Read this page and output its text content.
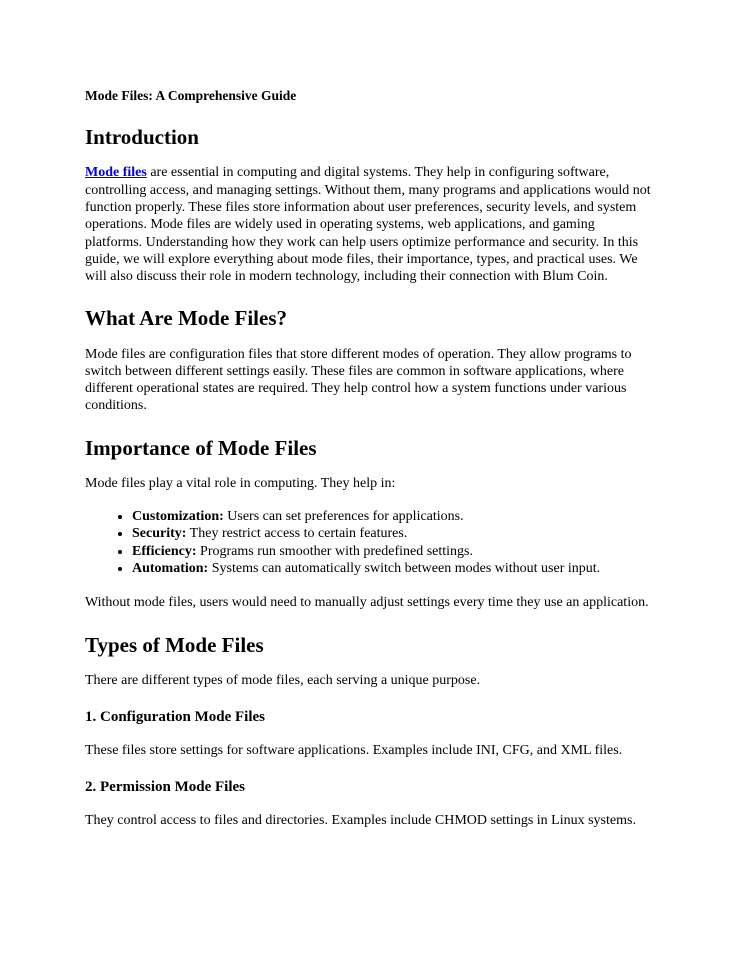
Mode Files: A Comprehensive Guide

Introduction

Mode files are essential in computing and digital systems. They help in configuring software, controlling access, and managing settings. Without them, many programs and applications would not function properly. These files store information about user preferences, security levels, and system operations. Mode files are widely used in operating systems, web applications, and gaming platforms. Understanding how they work can help users optimize performance and security. In this guide, we will explore everything about mode files, their importance, types, and practical uses. We will also discuss their role in modern technology, including their connection with Blum Coin.

What Are Mode Files?

Mode files are configuration files that store different modes of operation. They allow programs to switch between different settings easily. These files are common in software applications, where different operational states are required. They help control how a system functions under various conditions.

Importance of Mode Files

Mode files play a vital role in computing. They help in:

• Customization: Users can set preferences for applications.
• Security: They restrict access to certain features.
• Efficiency: Programs run smoother with predefined settings.
• Automation: Systems can automatically switch between modes without user input.

Without mode files, users would need to manually adjust settings every time they use an application.

Types of Mode Files

There are different types of mode files, each serving a unique purpose.

1. Configuration Mode Files

These files store settings for software applications. Examples include INI, CFG, and XML files.

2. Permission Mode Files

They control access to files and directories. Examples include CHMOD settings in Linux systems.
